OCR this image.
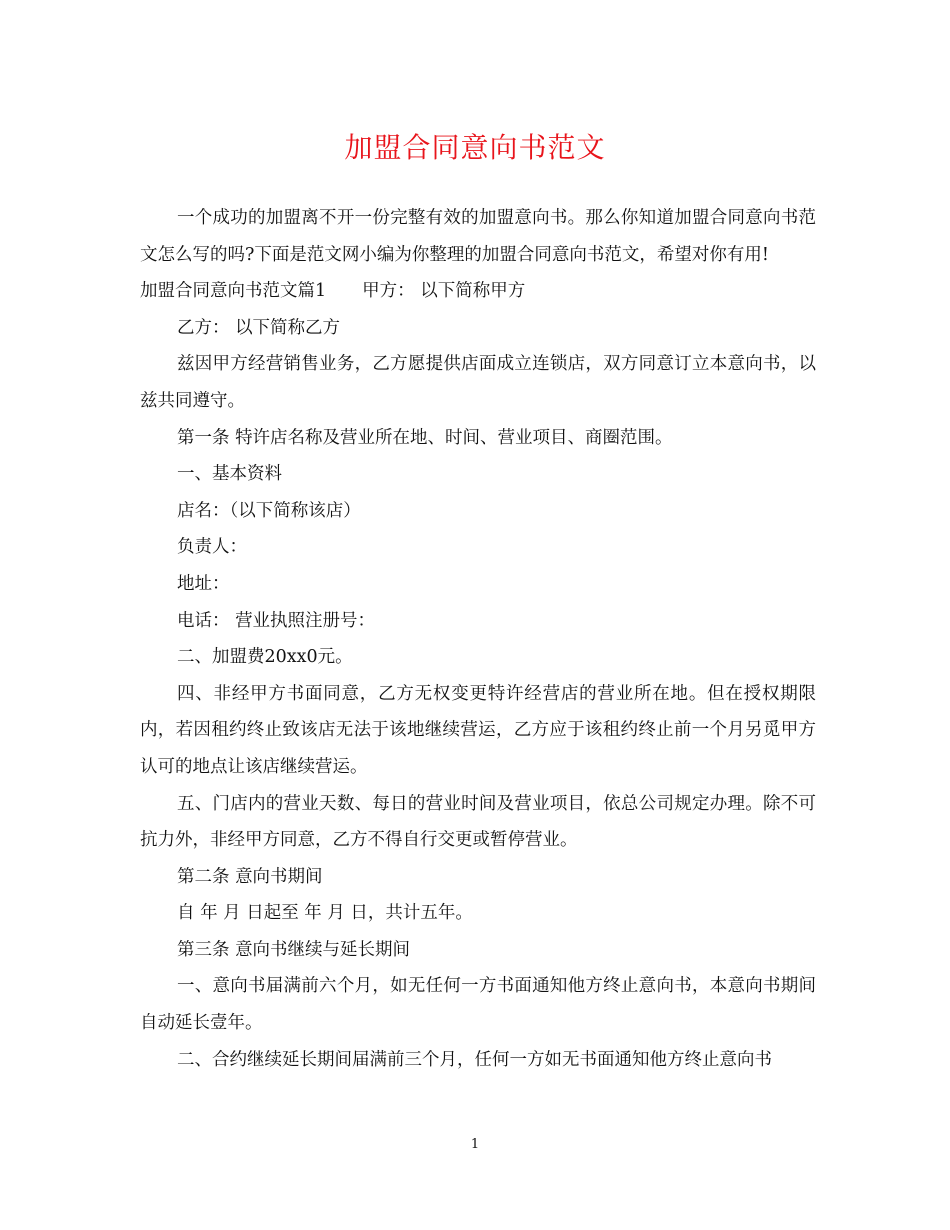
加盟合同意向书范文

一个成功的加盟离不开一份完整有效的加盟意向书。那么你知道加盟合同意向书范文怎么写的吗?下面是范文网小编为你整理的加盟合同意向书范文，希望对你有用!

加盟合同意向书范文篇1 甲方： 以下简称甲方

乙方： 以下简称乙方

兹因甲方经营销售业务，乙方愿提供店面成立连锁店，双方同意订立本意向书，以兹共同遵守。

第一条 特许店名称及营业所在地、时间、营业项目、商圈范围。

一、基本资料

店名：（以下简称该店）

负责人：

地址：

电话： 营业执照注册号：

二、加盟费20xx0元。

四、非经甲方书面同意，乙方无权变更特许经营店的营业所在地。但在授权期限内，若因租约终止致该店无法于该地继续营运，乙方应于该租约终止前一个月另觅甲方认可的地点让该店继续营运。

五、门店内的营业天数、每日的营业时间及营业项目，依总公司规定办理。除不可抗力外，非经甲方同意，乙方不得自行交更或暂停营业。

第二条 意向书期间

自 年 月 日起至 年 月 日，共计五年。

第三条 意向书继续与延长期间

一、意向书届满前六个月，如无任何一方书面通知他方终止意向书，本意向书期间自动延长壹年。

二、合约继续延长期间届满前三个月，任何一方如无书面通知他方终止意向书

1
